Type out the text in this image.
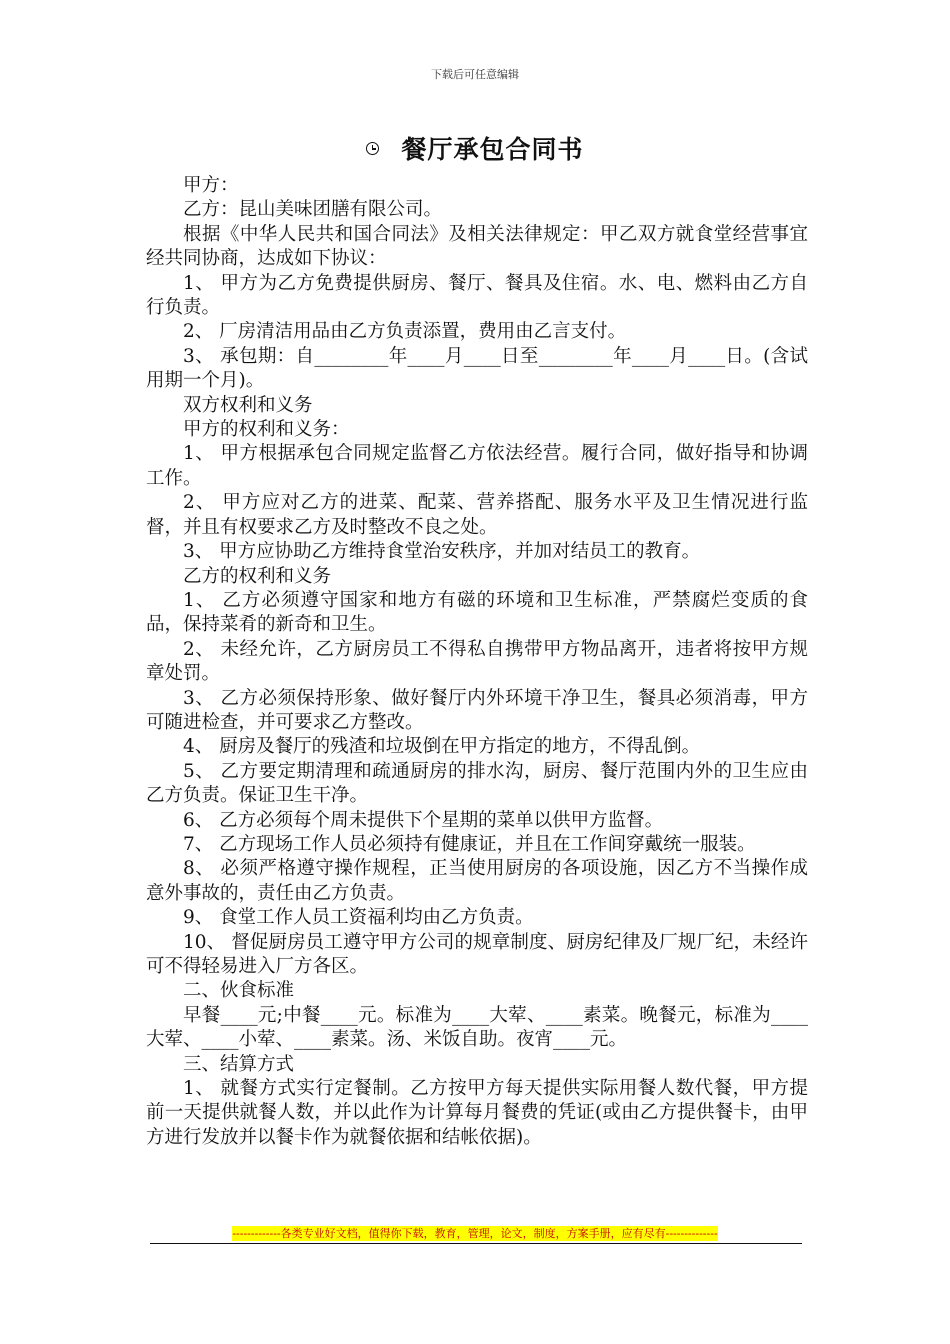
下载后可任意编辑
餐厅承包合同书

甲方：

乙方：昆山美味团膳有限公司。

根据《中华人民共和国合同法》及相关法律规定：甲乙双方就食堂经营事宜经共同协商，达成如下协议：

1、 甲方为乙方免费提供厨房、餐厅、餐具及住宿。水、电、燃料由乙方自行负责。

2、 厂房清洁用品由乙方负责添置，费用由乙言支付。

3、 承包期：自________年____月____日至________年____月____日。(含试用期一个月)。

双方权利和义务

甲方的权利和义务：

1、 甲方根据承包合同规定监督乙方依法经营。履行合同，做好指导和协调工作。

2、 甲方应对乙方的进菜、配菜、营养搭配、服务水平及卫生情况进行监督，并且有权要求乙方及时整改不良之处。

3、 甲方应协助乙方维持食堂治安秩序，并加对结员工的教育。

乙方的权利和义务

1、 乙方必须遵守国家和地方有磁的环境和卫生标准，严禁腐烂变质的食品，保持菜肴的新奇和卫生。

2、 未经允许，乙方厨房员工不得私自携带甲方物品离开，违者将按甲方规章处罚。

3、 乙方必须保持形象、做好餐厅内外环境干净卫生，餐具必须消毒，甲方可随进检查，并可要求乙方整改。

4、 厨房及餐厅的残渣和垃圾倒在甲方指定的地方，不得乱倒。

5、 乙方要定期清理和疏通厨房的排水沟，厨房、餐厅范围内外的卫生应由乙方负责。保证卫生干净。

6、 乙方必须每个周未提供下个星期的菜单以供甲方监督。

7、 乙方现场工作人员必须持有健康证，并且在工作间穿戴统一服装。

8、 必须严格遵守操作规程，正当使用厨房的各项设施，因乙方不当操作成意外事故的，责任由乙方负责。

9、 食堂工作人员工资福利均由乙方负责。

10、 督促厨房员工遵守甲方公司的规章制度、厨房纪律及厂规厂纪，未经许可不得轻易进入厂方各区。

二、伙食标准

早餐____元;中餐____元。标准为____大荤、____素菜。晚餐元，标准为____大荤、____小荤、____素菜。汤、米饭自助。夜宵____元。

三、结算方式

1、 就餐方式实行定餐制。乙方按甲方每天提供实际用餐人数代餐，甲方提前一天提供就餐人数，并以此作为计算每月餐费的凭证(或由乙方提供餐卡，由甲方进行发放并以餐卡作为就餐依据和结帐依据)。

-------------各类专业好文档，值得你下载，教育，管理，论文，制度，方案手册，应有尽有--------------
